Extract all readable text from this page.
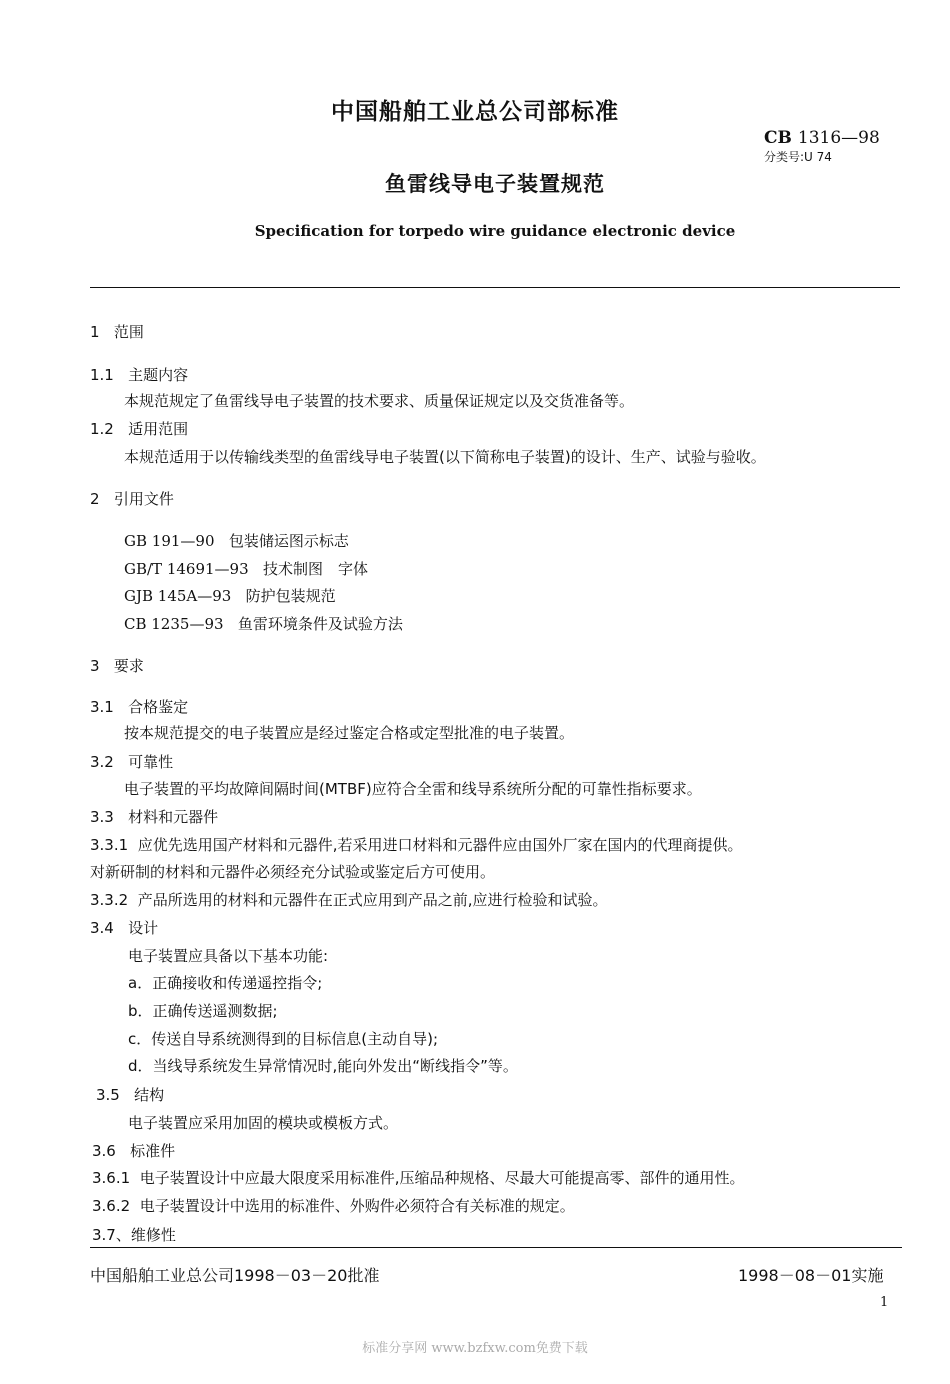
中国船舶工业总公司部标准
CB 1316—98
分类号:U 74
鱼雷线导电子装置规范
Specification for torpedo wire guidance electronic device
1 范围
1.1 主题内容
本规范规定了鱼雷线导电子装置的技术要求、质量保证规定以及交货准备等。
1.2 适用范围
本规范适用于以传输线类型的鱼雷线导电子装置(以下简称电子装置)的设计、生产、试验与验收。
2 引用文件
GB 191—90 包装储运图示标志
GB/T 14691—93 技术制图　字体
GJB 145A—93 防护包装规范
CB 1235—93 鱼雷环境条件及试验方法
3 要求
3.1 合格鉴定
按本规范提交的电子装置应是经过鉴定合格或定型批准的电子装置。
3.2 可靠性
电子装置的平均故障间隔时间(MTBF)应符合全雷和线导系统所分配的可靠性指标要求。
3.3 材料和元器件
3.3.1 应优先选用国产材料和元器件,若采用进口材料和元器件应由国外厂家在国内的代理商提供。
对新研制的材料和元器件必须经充分试验或鉴定后方可使用。
3.3.2 产品所选用的材料和元器件在正式应用到产品之前,应进行检验和试验。
3.4 设计
电子装置应具备以下基本功能:
a．正确接收和传递遥控指令;
b．正确传送遥测数据;
c．传送自导系统测得到的目标信息(主动自导);
d．当线导系统发生异常情况时,能向外发出“断线指令”等。
3.5 结构
电子装置应采用加固的模块或模板方式。
3.6 标准件
3.6.1 电子装置设计中应最大限度采用标准件,压缩品种规格、尽最大可能提高零、部件的通用性。
3.6.2 电子装置设计中选用的标准件、外购件必须符合有关标准的规定。
3.7、维修性
中国船舶工业总公司1998－03－20批准	1998－08－01实施
1
标准分享网 www.bzfxw.com免费下载
